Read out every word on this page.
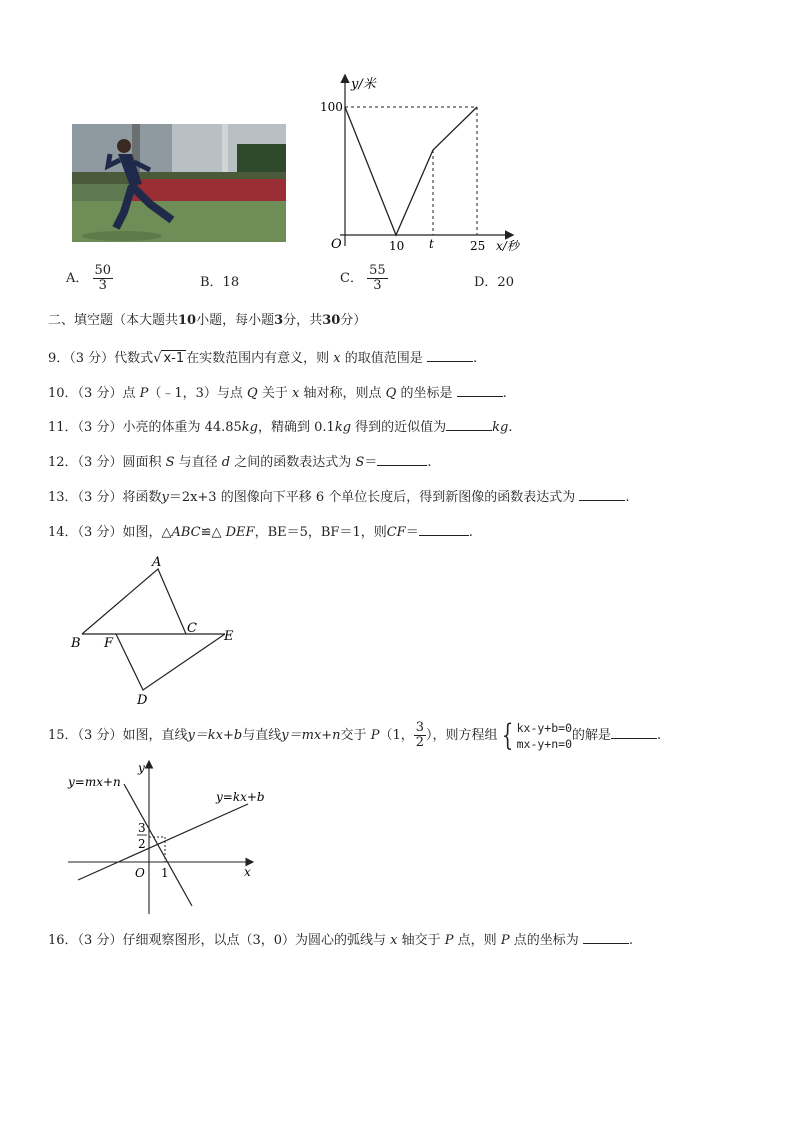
y/米
100
O	10 t	25 x/秒
A． $\frac{50}{3}$	B．18	C． $\frac{55}{3}$	D．20
二、填空题（本大题共10小题，每小题3分，共30分）
9．（3 分）代数式√ x-1 在实数范围内有意义，则 x 的取值范围是	.
10．（3 分）点 P（﹣1，3）与点 Q 关于 x 轴对称，则点 Q 的坐标是	.
11．（3 分）小亮的体重为 44.85kg，精确到 0.1kg 得到的近似值为	kg.
12．（3 分）圆面积 S 与直径 d 之间的函数表达式为 S＝	.
13．（3 分）将函数y＝2x+3 的图像向下平移 6 个单位长度后，得到新图像的函数表达式为	.
14．（3 分）如图，△ABC≌△ DEF，BE＝5，BF＝1，则CF＝	.
A
B F
C
E
D
15．（3 分）如图，直线y＝kx+b与直线y＝mx+n交于 P（1， $\frac{3}{2}$ ），则方程组 { kx-y+b=0
mx-y+n=0
的解是	.
y=mx+n
y=kx+b
y
x
O 1
3
2
16．（3 分）仔细观察图形，以点（3，0）为圆心的弧线与 x 轴交于 P 点，则 P 点的坐标为	.
